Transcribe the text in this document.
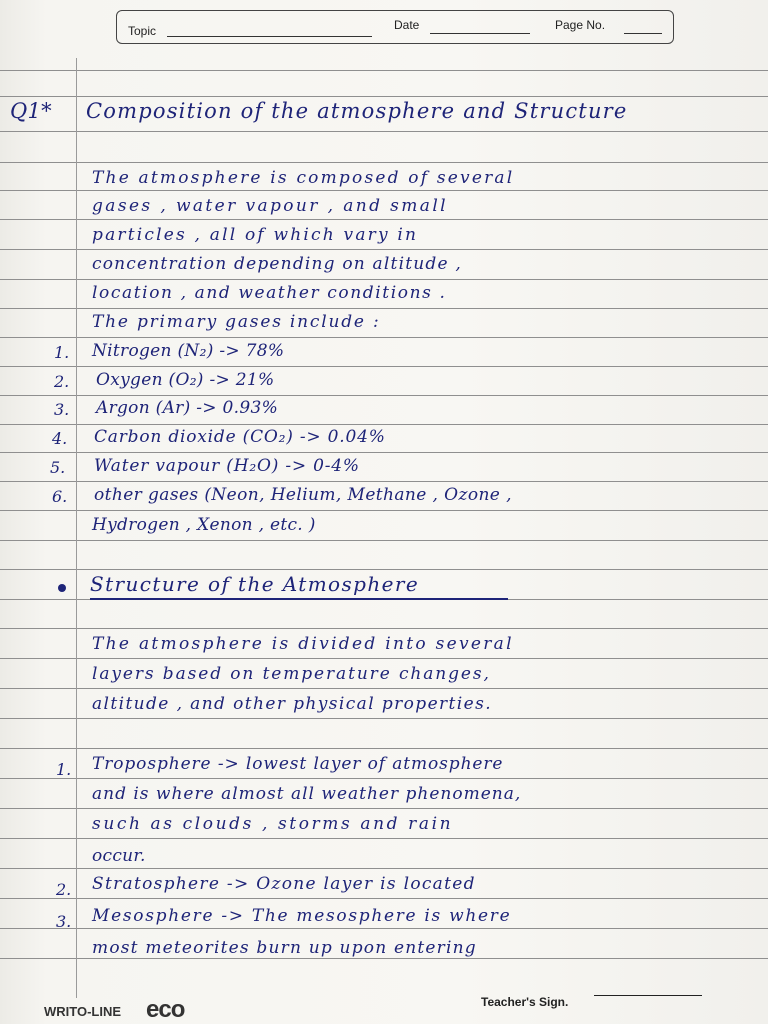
Topic	Date	Page No.
Q1* Composition of the atmosphere and Structure
The atmosphere is composed of several
gases , water vapour , and small
particles , all of which vary in
concentration depending on altitude ,
location , and weather conditions .
The primary gases include :
1. Nitrogen (N₂) -> 78%
2. Oxygen (O₂) -> 21%
3. Argon (Ar) -> 0.93%
4. Carbon dioxide (CO₂) -> 0.04%
5. Water vapour (H₂O) -> 0-4%
6. other gases (Neon, Helium, Methane , Ozone ,
Hydrogen , Xenon , etc. )
Structure of the Atmosphere
The atmosphere is divided into several
layers based on temperature changes,
altitude , and other physical properties.
1. Troposphere -> lowest layer of atmosphere
and is where almost all weather phenomena,
such as clouds , storms and rain
occur.
2. Stratosphere -> Ozone layer is located
3. Mesosphere -> The mesosphere is where
most meteorites burn up upon entering
WRITO-LINE eco	Teacher's Sign.
